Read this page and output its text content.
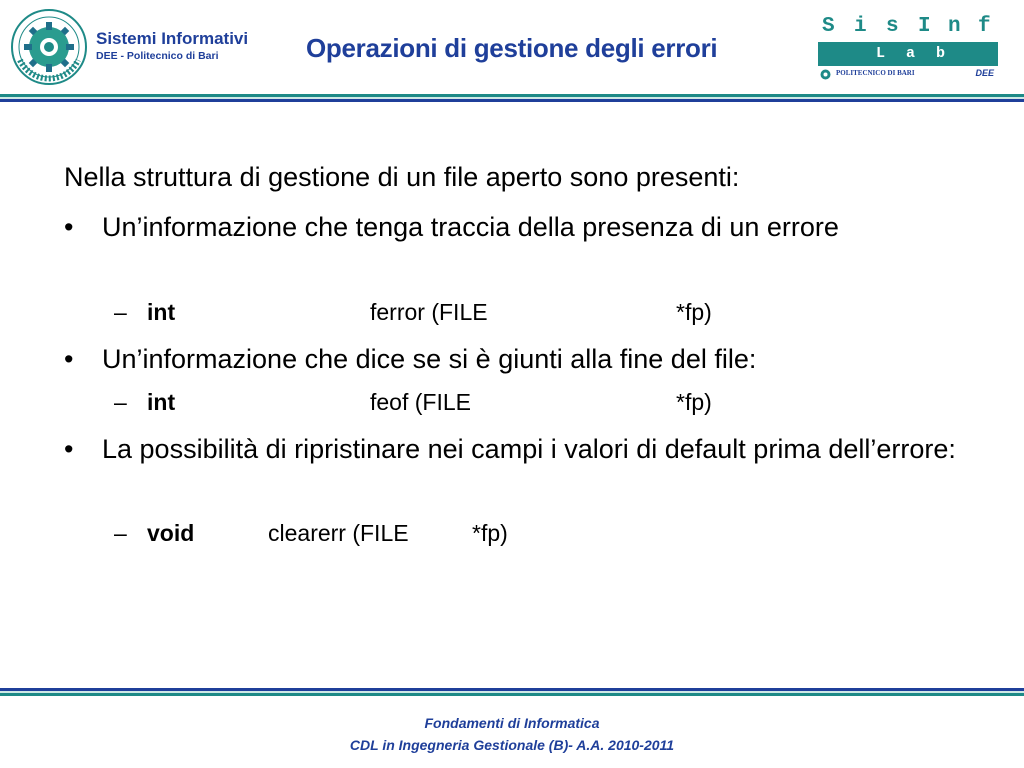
Sistemi Informativi
DEE - Politecnico di Bari	Operazioni di gestione degli errori
S i s I n f
L a b
POLITECNICO DI BARI	DEE
Nella struttura di gestione di un file aperto sono presenti:
• Un’informazione che tenga traccia della presenza di un errore
– int	ferror (FILE	*fp)
• Un’informazione che dice se si è giunti alla fine del file:
– int	feof (FILE	*fp)
• La possibilità di ripristinare nei campi i valori di default prima dell’errore:
– void	clearerr (FILE	*fp)
Fondamenti di Informatica
CDL in Ingegneria Gestionale (B)- A.A. 2010-2011
